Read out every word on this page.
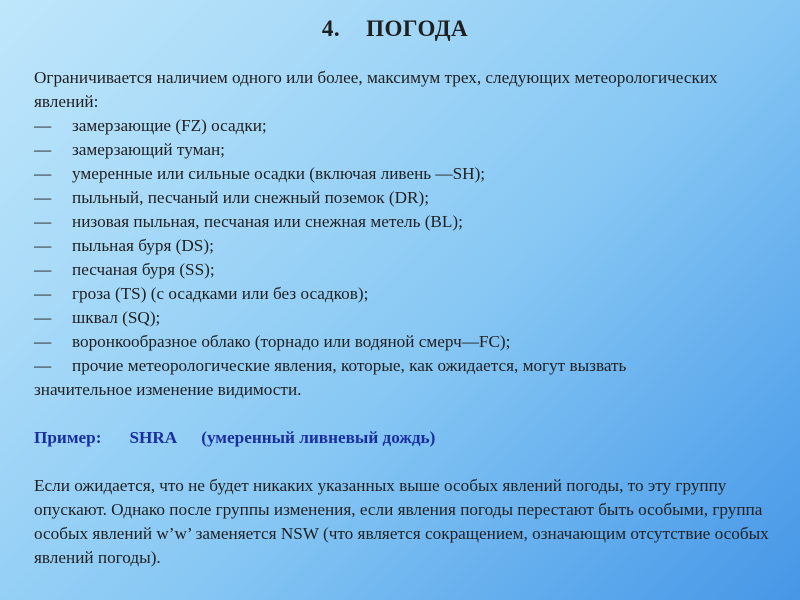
4. ПОГОДА

Ограничивается наличием одного или более, максимум трех, следующих метеорологических явлений:

—	замерзающие (FZ) осадки;
—	замерзающий туман;
—	умеренные или сильные осадки (включая ливень —SH);
—	пыльный, песчаный или снежный поземок (DR);
—	низовая пыльная, песчаная или снежная метель (BL);
—	пыльная буря (DS);
—	песчаная буря (SS);
—	гроза (TS) (с осадками или без осадков);
—	шквал (SQ);
—	воронкообразное облако (торнадо или водяной смерч—FC);
—	прочие метеорологические явления, которые, как ожидается, могут вызвать

значительное изменение видимости.

Пример: SHRA (умеренный ливневый дождь)

Если ожидается, что не будет никаких указанных выше особых явлений погоды, то эту группу опускают. Однако после группы изменения, если явления погоды перестают быть особыми, группа особых явлений w’w’ заменяется NSW (что является сокращением, означающим отсутствие особых явлений погоды).
